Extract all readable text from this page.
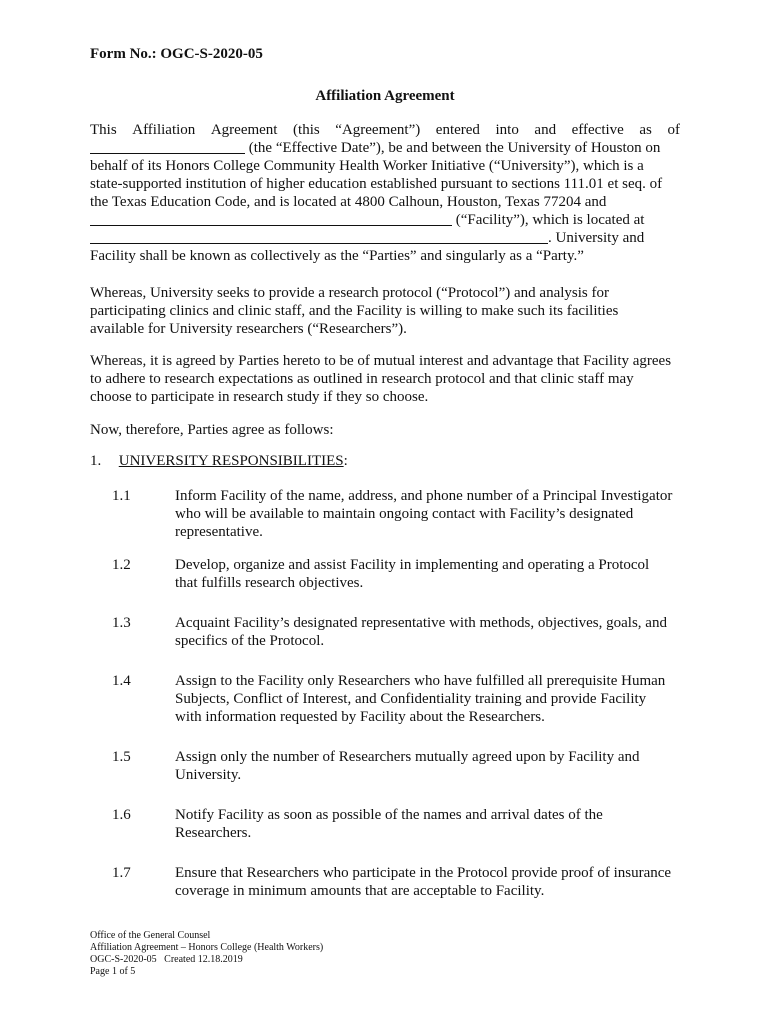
Form No.: OGC-S-2020-05
Affiliation Agreement
This Affiliation Agreement (this “Agreement”) entered into and effective as of
(the “Effective Date”), be and between the University of Houston on
behalf of its Honors College Community Health Worker Initiative (“University”), which is a
state-supported institution of higher education established pursuant to sections 111.01 et seq. of
the Texas Education Code, and is located at 4800 Calhoun, Houston, Texas 77204 and
(“Facility”), which is located at
. University and
Facility shall be known as collectively as the “Parties” and singularly as a “Party.”
Whereas, University seeks to provide a research protocol (“Protocol”) and analysis for
participating clinics and clinic staff, and the Facility is willing to make such its facilities
available for University researchers (“Researchers”).
Whereas, it is agreed by Parties hereto to be of mutual interest and advantage that Facility agrees
to adhere to research expectations as outlined in research protocol and that clinic staff may
choose to participate in research study if they so choose.
Now, therefore, Parties agree as follows:
1. UNIVERSITY RESPONSIBILITIES:
1.1	Inform Facility of the name, address, and phone number of a Principal Investigator
who will be available to maintain ongoing contact with Facility’s designated
representative.
1.2	Develop, organize and assist Facility in implementing and operating a Protocol
that fulfills research objectives.
1.3	Acquaint Facility’s designated representative with methods, objectives, goals, and
specifics of the Protocol.
1.4	Assign to the Facility only Researchers who have fulfilled all prerequisite Human
Subjects, Conflict of Interest, and Confidentiality training and provide Facility
with information requested by Facility about the Researchers.
1.5	Assign only the number of Researchers mutually agreed upon by Facility and
University.
1.6	Notify Facility as soon as possible of the names and arrival dates of the
Researchers.
1.7	Ensure that Researchers who participate in the Protocol provide proof of insurance
coverage in minimum amounts that are acceptable to Facility.
Office of the General Counsel
Affiliation Agreement – Honors College (Health Workers)
OGC-S-2020-05   Created 12.18.2019
Page 1 of 5
